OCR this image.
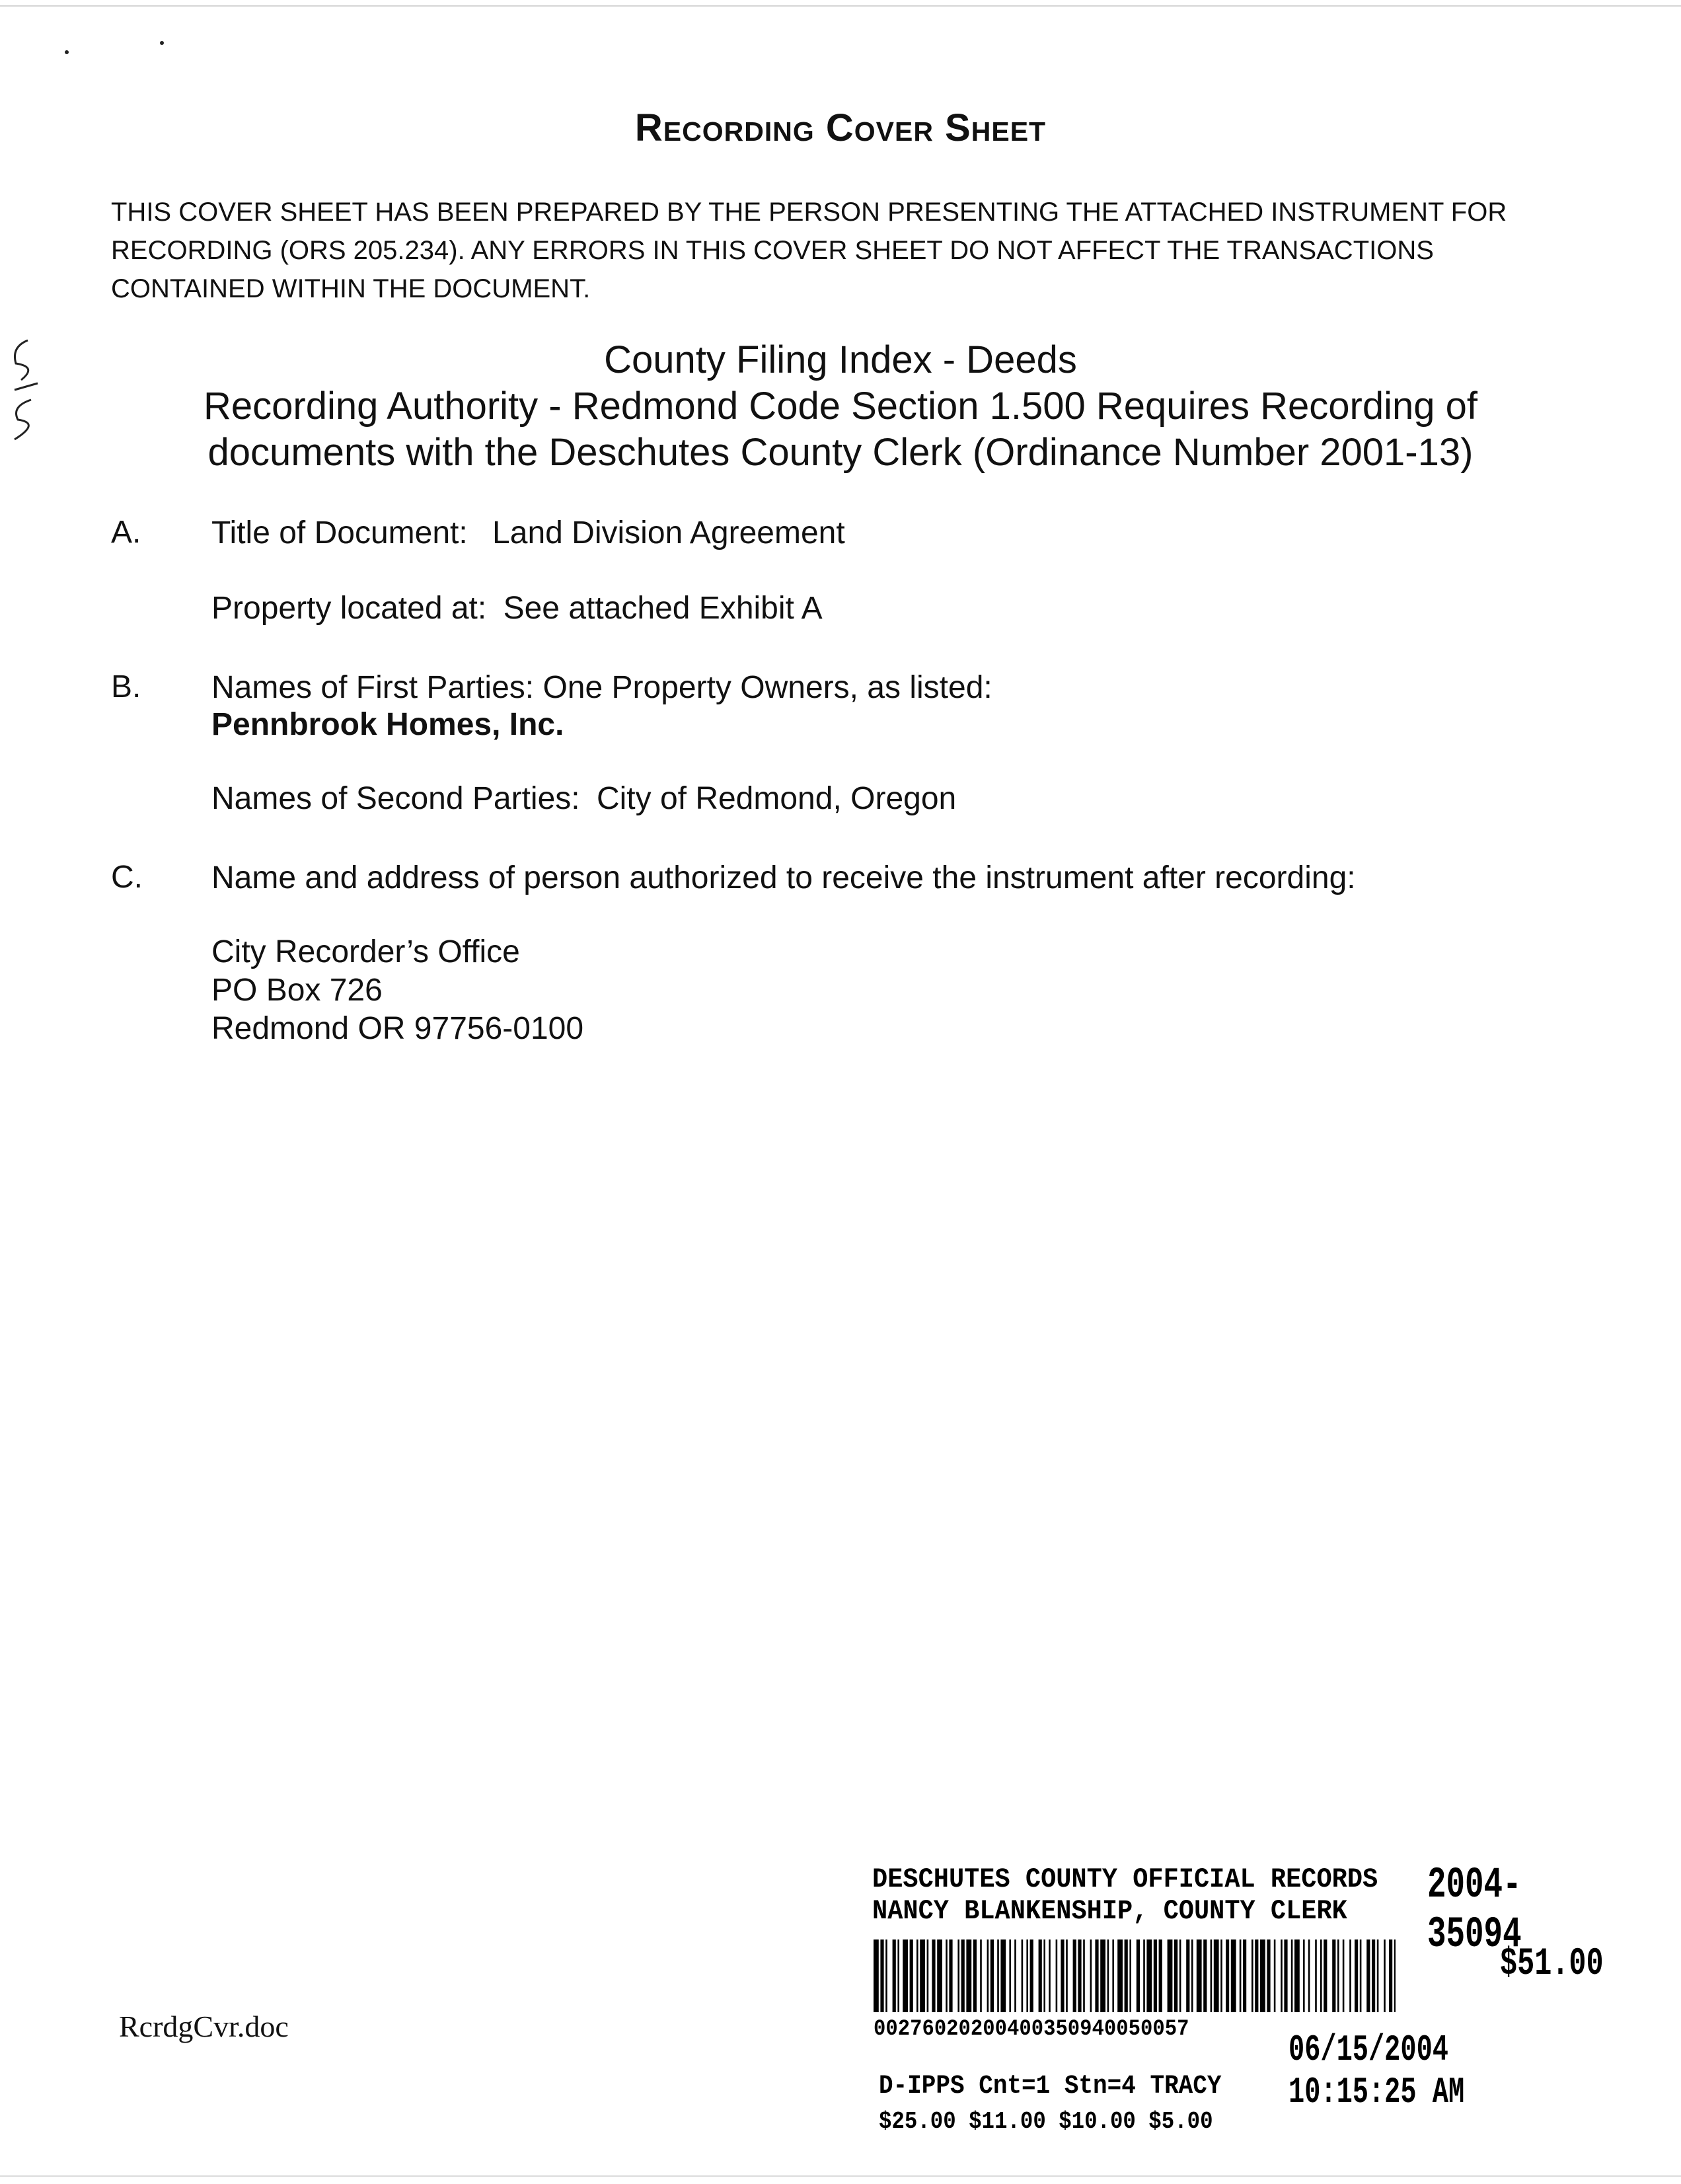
Recording Cover Sheet
THIS COVER SHEET HAS BEEN PREPARED BY THE PERSON PRESENTING THE ATTACHED INSTRUMENT FOR RECORDING (ORS 205.234). ANY ERRORS IN THIS COVER SHEET DO NOT AFFECT THE TRANSACTIONS CONTAINED WITHIN THE DOCUMENT.
County Filing Index - Deeds
Recording Authority - Redmond Code Section 1.500 Requires Recording of
documents with the Deschutes County Clerk (Ordinance Number 2001-13)
A. Title of Document: Land Division Agreement
Property located at: See attached Exhibit A
B. Names of First Parties: One Property Owners, as listed:
Pennbrook Homes, Inc.
Names of Second Parties: City of Redmond, Oregon
C. Name and address of person authorized to receive the instrument after recording:
City Recorder’s Office
PO Box 726
Redmond OR 97756-0100
RcrdgCvr.doc
DESCHUTES COUNTY OFFICIAL RECORDS
NANCY BLANKENSHIP, COUNTY CLERK
2004-35094
$51.00
00276020200400350940050057	06/15/2004 10:15:25 AM
D-IPPS Cnt=1 Stn=4 TRACY
$25.00 $11.00 $10.00 $5.00
